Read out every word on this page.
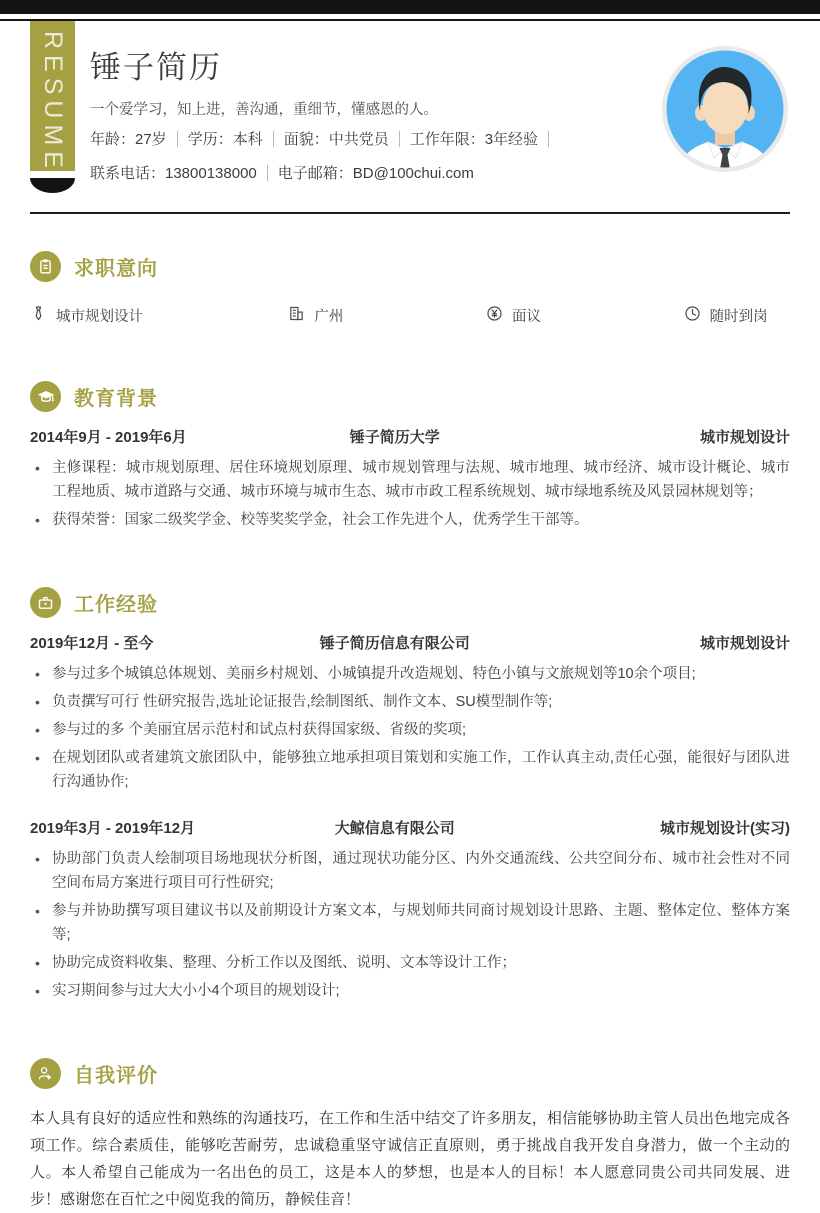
RESUME 锤子简历
一个爱学习，知上进，善沟通，重细节，懂感恩的人。
年龄：27岁 学历：本科 面貌：中共党员 工作年限：3年经验
联系电话：13800138000 电子邮箱：BD@100chui.com
求职意向
城市规划设计	广州	面议	随时到岗
教育背景
2014年9月 - 2019年6月	锤子简历大学	城市规划设计
• 主修课程：城市规划原理、居住环境规划原理、城市规划管理与法规、城市地理、城市经济、城市设计概论、城市工程地质、城市道路与交通、城市环境与城市生态、城市市政工程系统规划、城市绿地系统及风景园林规划等；
• 获得荣誉：国家二级奖学金、校等奖奖学金，社会工作先进个人，优秀学生干部等。
工作经验
2019年12月 - 至今	锤子简历信息有限公司	城市规划设计
• 参与过多个城镇总体规划、美丽乡村规划、小城镇提升改造规划、特色小镇与文旅规划等10余个项目;
• 负责撰写可行 性研究报告,选址论证报告,绘制图纸、制作文本、SU模型制作等;
• 参与过的多 个美丽宜居示范村和试点村获得国家级、省级的奖项;
• 在规划团队或者建筑文旅团队中，能够独立地承担项目策划和实施工作，工作认真主动,责任心强，能很好与团队进行沟通协作;
2019年3月 - 2019年12月	大鲸信息有限公司	城市规划设计(实习)
• 协助部门负责人绘制项目场地现状分析图，通过现状功能分区、内外交通流线、公共空间分布、城市社会性对不同空间布局方案进行项目可行性研究;
• 参与并协助撰写项目建议书以及前期设计方案文本，与规划师共同商讨规划设计思路、主题、整体定位、整体方案等;
• 协助完成资料收集、整理、分析工作以及图纸、说明、文本等设计工作；
• 实习期间参与过大大小小4个项目的规划设计;
自我评价

本人具有良好的适应性和熟练的沟通技巧，在工作和生活中结交了许多朋友，相信能够协助主管人员出色地完成各项工作。综合素质佳，能够吃苦耐劳，忠诚稳重坚守诚信正直原则，勇于挑战自我开发自身潜力，做一个主动的人。本人希望自己能成为一名出色的员工，这是本人的梦想，也是本人的目标！本人愿意同贵公司共同发展、进步！感谢您在百忙之中阅览我的简历，静候佳音！
